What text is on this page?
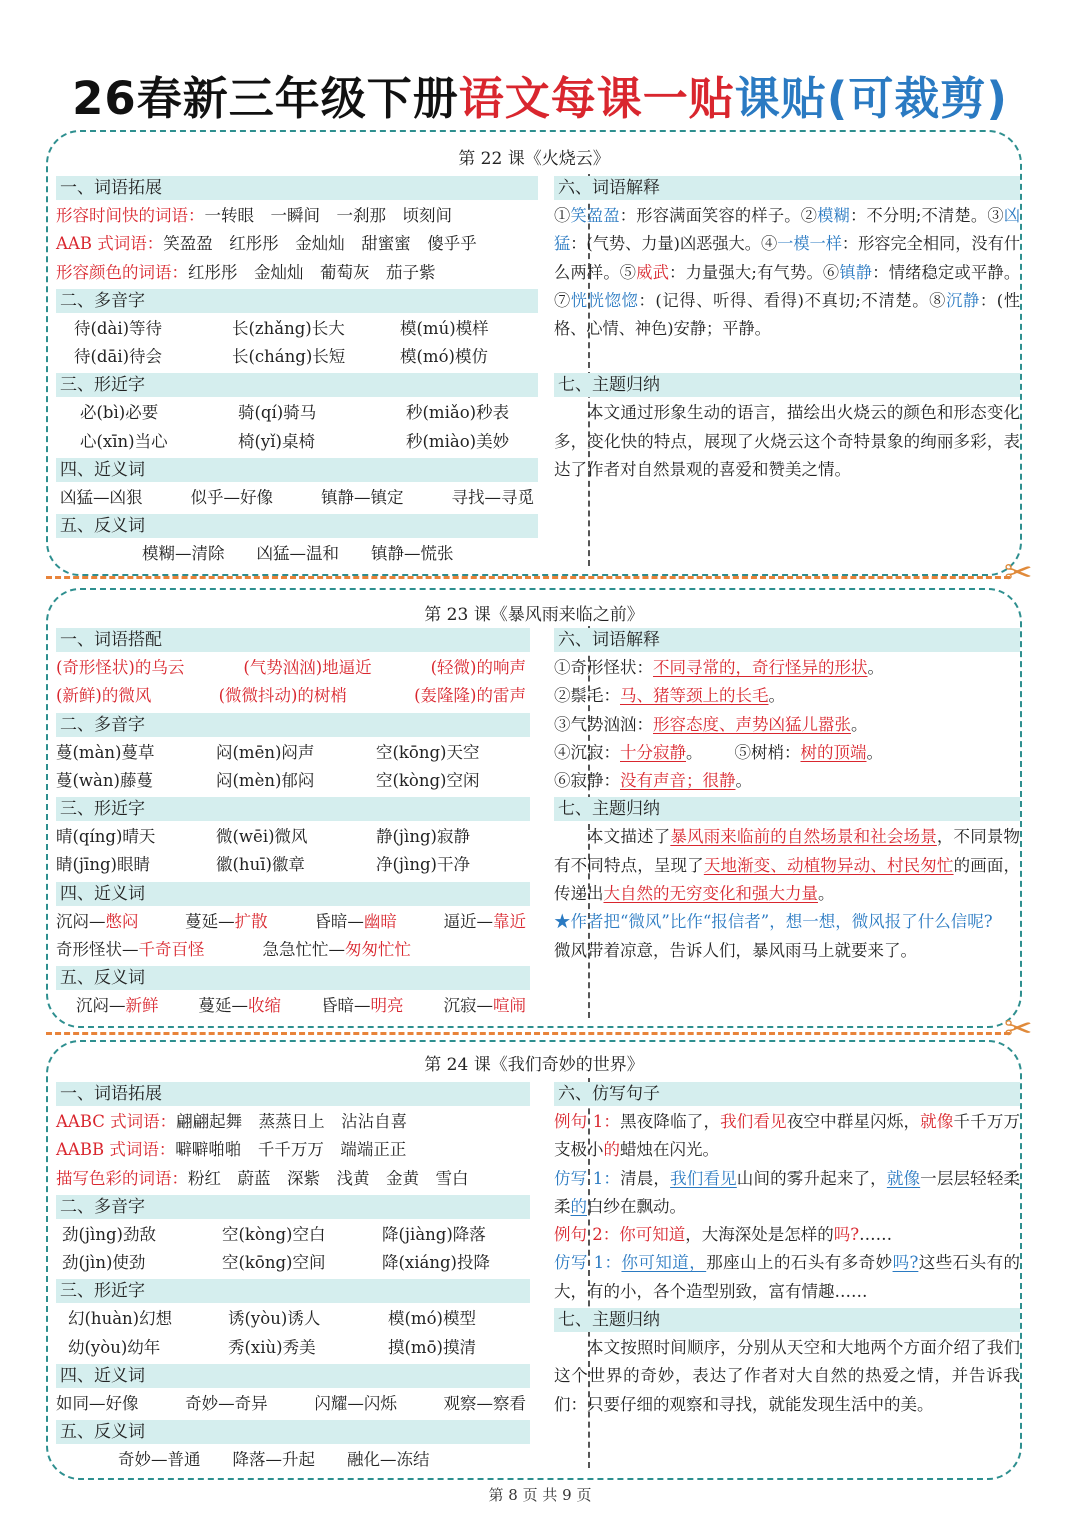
26春新三年级下册语文每课一贴课贴(可裁剪)
第 22 课《火烧云》
一、词语拓展
形容时间快的词语： 一转眼　一瞬间　一刹那　顷刻间
AAB 式词语： 笑盈盈　红彤彤　金灿灿　甜蜜蜜　傻乎乎
形容颜色的词语： 红彤彤　金灿灿　葡萄灰　茄子紫
二、多音字
待(dài)等待	长(zhǎng)长大	模(mú)模样
待(dāi)待会	长(cháng)长短	模(mó)模仿
三、形近字
必(bì)必要	骑(qí)骑马	秒(miǎo)秒表
心(xīn)当心	椅(yǐ)桌椅	秒(miào)美妙
四、近义词
凶猛—凶狠	似乎—好像	镇静—镇定	寻找—寻觅
五、反义词
模糊—清除 凶猛—温和 镇静—慌张
六、词语解释
①笑盈盈：形容满面笑容的样子。②模糊：不分明;不清楚。③凶猛：(气势、力量)凶恶强大。④一模一样：形容完全相同，没有什么两样。⑤威武：力量强大;有气势。⑥镇静：情绪稳定或平静。⑦恍恍惚惚：(记得、听得、看得)不真切;不清楚。⑧沉静：(性格、心情、神色)安静；平静。
七、主题归纳
本文通过形象生动的语言，描绘出火烧云的颜色和形态变化多，变化快的特点，展现了火烧云这个奇特景象的绚丽多彩，表达了作者对自然景观的喜爱和赞美之情。
✂
第 23 课《暴风雨来临之前》
一、词语搭配
(奇形怪状)的乌云	(气势汹汹)地逼近	(轻微)的响声
(新鲜)的微风	(微微抖动)的树梢	(轰隆隆)的雷声
二、多音字
蔓(màn)蔓草	闷(mēn)闷声	空(kōng)天空
蔓(wàn)藤蔓	闷(mèn)郁闷	空(kòng)空闲
三、形近字
晴(qíng)晴天	微(wēi)微风	静(jìng)寂静
睛(jīng)眼睛	徽(huī)徽章	净(jìng)干净
四、近义词
沉闷—憋闷	蔓延—扩散	昏暗—幽暗	逼近—靠近
奇形怪状—千奇百怪	急急忙忙—匆匆忙忙
五、反义词
沉闷—新鲜 蔓延—收缩 昏暗—明亮 沉寂—喧闹
六、词语解释
①奇形怪状：不同寻常的，奇行怪异的形状。
②鬃毛：马、猪等颈上的长毛。
③气势汹汹：形容态度、声势凶猛儿嚣张。
④沉寂：十分寂静。 ⑤树梢：树的顶端。
⑥寂静：没有声音；很静。
七、主题归纳
本文描述了暴风雨来临前的自然场景和社会场景，不同景物有不同特点，呈现了天地渐变、动植物异动、村民匆忙的画面，传递出大自然的无穷变化和强大力量。
★作者把“微风”比作“报信者”，想一想，微风报了什么信呢?
微风带着凉意，告诉人们，暴风雨马上就要来了。
✂
第 24 课《我们奇妙的世界》
一、词语拓展
AABC 式词语： 翩翩起舞　蒸蒸日上　沾沾自喜
AABB 式词语： 噼噼啪啪　千千万万　端端正正
描写色彩的词语： 粉红　蔚蓝　深紫　浅黄　金黄　雪白
二、多音字
劲(jìng)劲敌	空(kòng)空白	降(jiàng)降落
劲(jìn)使劲	空(kōng)空间	降(xiáng)投降
三、形近字
幻(huàn)幻想	诱(yòu)诱人	模(mó)模型
幼(yòu)幼年	秀(xiù)秀美	摸(mō)摸清
四、近义词
如同—好像	奇妙—奇异	闪耀—闪烁	观察—察看
五、反义词
奇妙—普通 降落—升起 融化—冻结
六、仿写句子
例句 1：黑夜降临了，我们看见夜空中群星闪烁，就像千千万万支极小的蜡烛在闪光。
仿写 1：清晨，我们看见山间的雾升起来了，就像一层层轻轻柔柔的白纱在飘动。
例句 2：你可知道，大海深处是怎样的吗?……
仿写 1：你可知道，那座山上的石头有多奇妙吗?这些石头有的 大，有的小，各个造型别致，富有情趣……
七、主题归纳
本文按照时间顺序，分别从天空和大地两个方面介绍了我们这个世界的奇妙，表达了作者对大自然的热爱之情，并告诉我们：只要仔细的观察和寻找，就能发现生活中的美。
第 8 页 共 9 页
